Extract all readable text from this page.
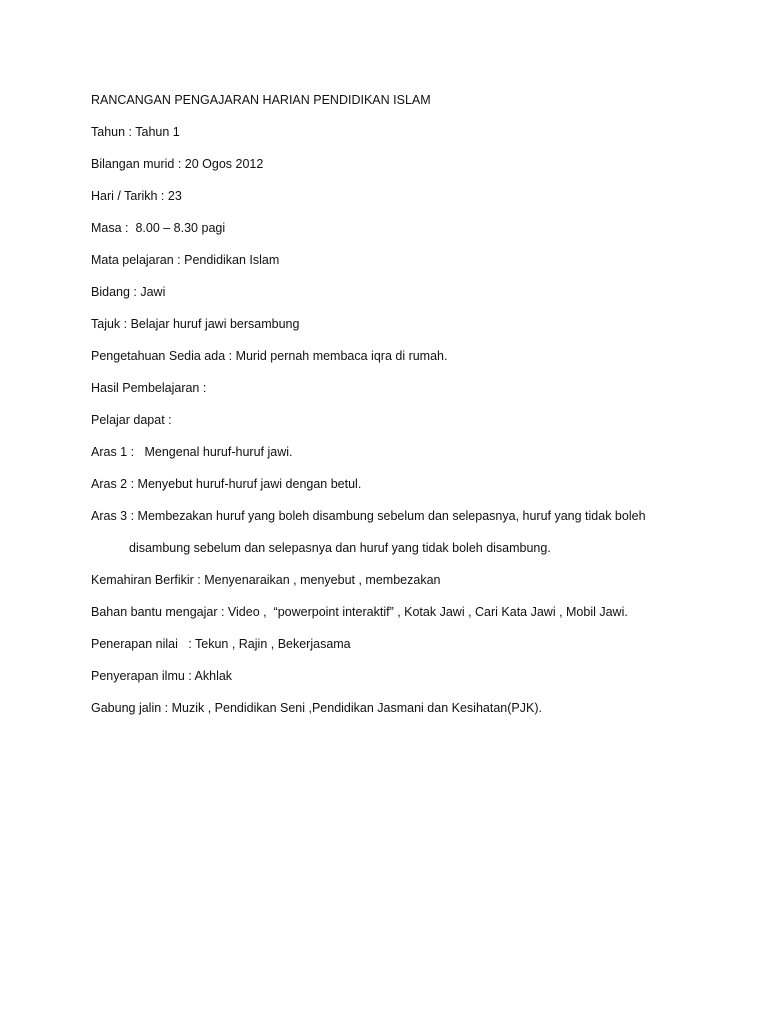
RANCANGAN PENGAJARAN HARIAN PENDIDIKAN ISLAM
Tahun : Tahun 1
Bilangan murid : 20 Ogos 2012
Hari / Tarikh : 23
Masa :  8.00 – 8.30 pagi
Mata pelajaran : Pendidikan Islam
Bidang : Jawi
Tajuk : Belajar huruf jawi bersambung
Pengetahuan Sedia ada : Murid pernah membaca iqra di rumah.
Hasil Pembelajaran :
Pelajar dapat :
Aras 1 :   Mengenal huruf-huruf jawi.
Aras 2 : Menyebut huruf-huruf jawi dengan betul.
Aras 3 : Membezakan huruf yang boleh disambung sebelum dan selepasnya, huruf yang tidak boleh
disambung sebelum dan selepasnya dan huruf yang tidak boleh disambung.
Kemahiran Berfikir : Menyenaraikan , menyebut , membezakan
Bahan bantu mengajar : Video ,  “powerpoint interaktif” , Kotak Jawi , Cari Kata Jawi , Mobil Jawi.
Penerapan nilai   : Tekun , Rajin , Bekerjasama
Penyerapan ilmu : Akhlak
Gabung jalin : Muzik , Pendidikan Seni ,Pendidikan Jasmani dan Kesihatan(PJK).
